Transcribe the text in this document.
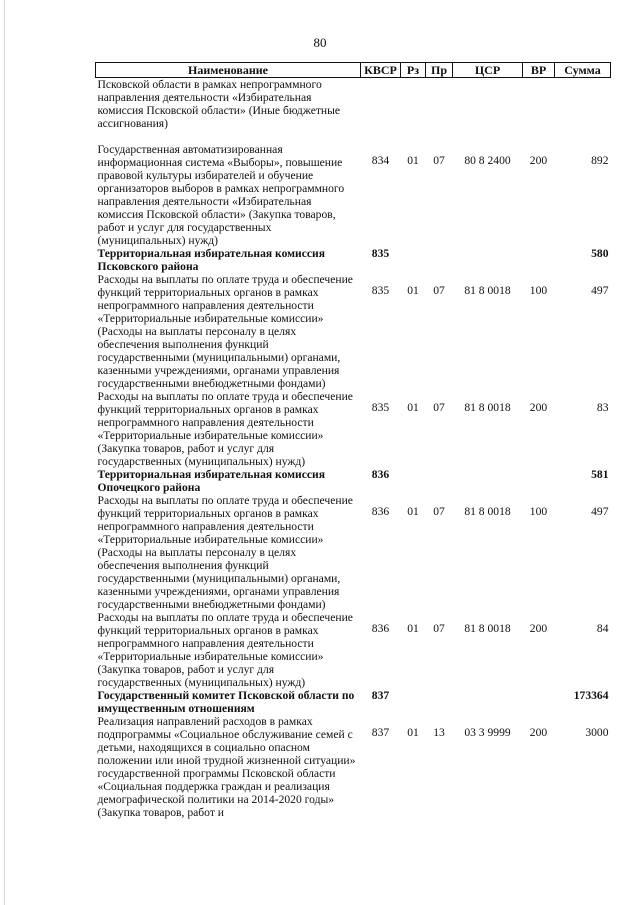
80
Наименование	КВСР	Рз	Пр	ЦСР	ВР	Сумма
Псковской области в рамках непрограммного направления деятельности «Избирательная комиссия Псковской области» (Иные бюджетные ассигнования)						
Государственная автоматизированная информационная система «Выборы», повышение правовой культуры избирателей и обучение организаторов выборов в рамках непрограммного направления деятельности «Избирательная комиссия Псковской области» (Закупка товаров, работ и услуг для государственных (муниципальных) нужд)	834	01	07	80 8 2400	200	892
Территориальная избирательная комиссия Псковского района	835					580
Расходы на выплаты по оплате труда и обеспечение функций территориальных органов в рамках непрограммного направления деятельности «Территориальные избирательные комиссии» (Расходы на выплаты персоналу в целях обеспечения выполнения функций государственными (муниципальными) органами, казенными учреждениями, органами управления государственными внебюджетными фондами)	835	01	07	81 8 0018	100	497
Расходы на выплаты по оплате труда и обеспечение функций территориальных органов в рамках непрограммного направления деятельности «Территориальные избирательные комиссии» (Закупка товаров, работ и услуг для государственных (муниципальных) нужд)	835	01	07	81 8 0018	200	83
Территориальная избирательная комиссия Опочецкого района	836					581
Расходы на выплаты по оплате труда и обеспечение функций территориальных органов в рамках непрограммного направления деятельности «Территориальные избирательные комиссии» (Расходы на выплаты персоналу в целях обеспечения выполнения функций государственными (муниципальными) органами, казенными учреждениями, органами управления государственными внебюджетными фондами)	836	01	07	81 8 0018	100	497
Расходы на выплаты по оплате труда и обеспечение функций территориальных органов в рамках непрограммного направления деятельности «Территориальные избирательные комиссии» (Закупка товаров, работ и услуг для государственных (муниципальных) нужд)	836	01	07	81 8 0018	200	84
Государственный комитет Псковской области по имущественным отношениям	837					173364
Реализация направлений расходов в рамках подпрограммы «Социальное обслуживание семей с детьми, находящихся в социально опасном положении или иной трудной жизненной ситуации» государственной программы Псковской области «Социальная поддержка граждан и реализация демографической политики на 2014-2020 годы» (Закупка товаров, работ и	837	01	13	03 3 9999	200	3000
